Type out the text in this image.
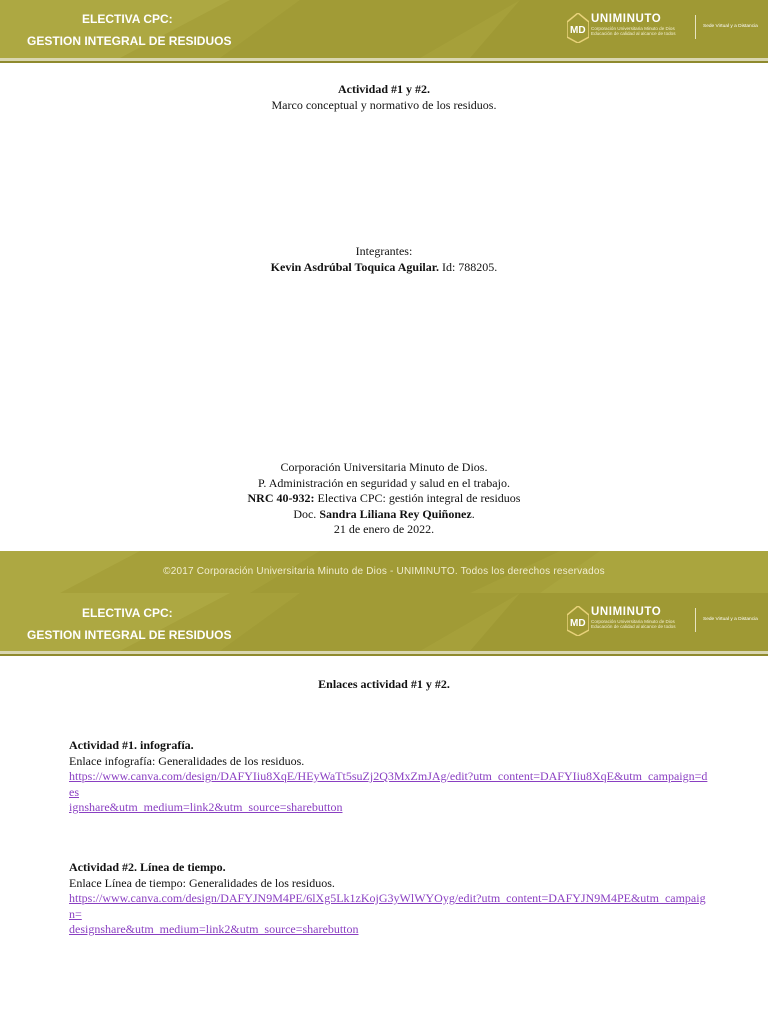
ELECTIVA CPC:
GESTION INTEGRAL DE RESIDUOS
MD
UNIMINUTO
Corporación Universitaria Minuto de Dios
Educación de calidad al alcance de todos
Sede Virtual y a Distancia
Actividad #1 y #2.
Marco conceptual y normativo de los residuos.
Integrantes:
Kevin Asdrúbal Toquica Aguilar. Id: 788205.
Corporación Universitaria Minuto de Dios.
P. Administración en seguridad y salud en el trabajo.
NRC 40-932: Electiva CPC: gestión integral de residuos
Doc. Sandra Liliana Rey Quiñonez.
21 de enero de 2022.
©2017 Corporación Universitaria Minuto de Dios - UNIMINUTO. Todos los derechos reservados
ELECTIVA CPC:
GESTION INTEGRAL DE RESIDUOS
MD
UNIMINUTO
Corporación Universitaria Minuto de Dios
Educación de calidad al alcance de todos
Sede Virtual y a Distancia
Enlaces actividad #1 y #2.
Actividad #1. infografía.
Enlace infografía: Generalidades de los residuos.
https://www.canva.com/design/DAFYIiu8XqE/HEyWaTt5suZj2Q3MxZmJAg/edit?utm_content=DAFYIiu8XqE&utm_campaign=des
ignshare&utm_medium=link2&utm_source=sharebutton
Actividad #2. Línea de tiempo.
Enlace Línea de tiempo: Generalidades de los residuos.
https://www.canva.com/design/DAFYJN9M4PE/6lXg5Lk1zKojG3yWlWYOyg/edit?utm_content=DAFYJN9M4PE&utm_campaign=
designshare&utm_medium=link2&utm_source=sharebutton
